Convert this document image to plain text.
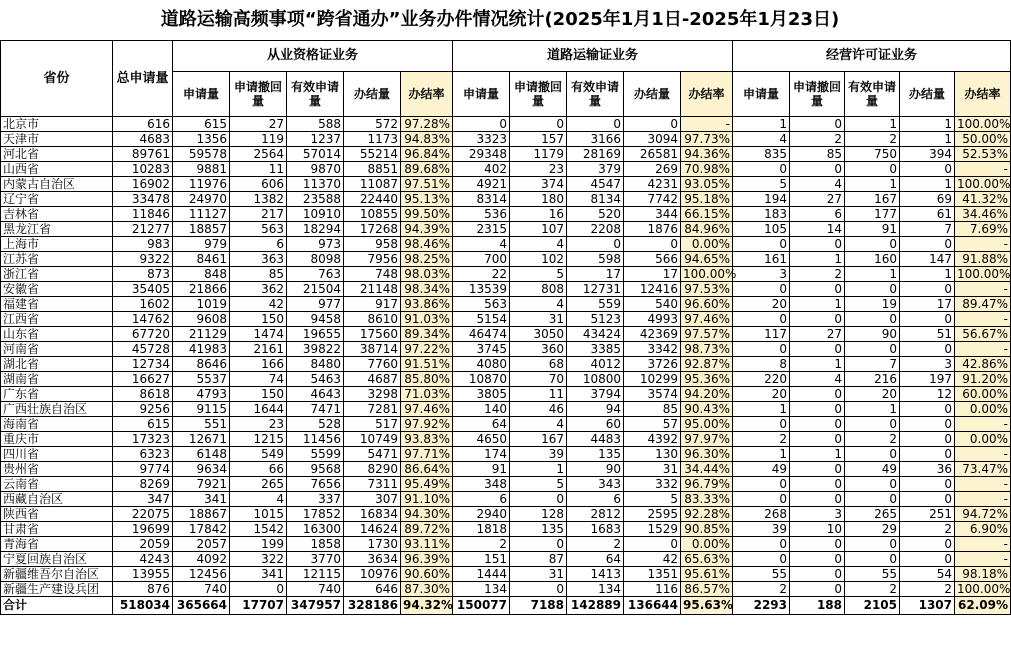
道路运输高频事项“跨省通办”业务办件情况统计(2025年1月1日-2025年1月23日)
省份	总申请量	从业资格证业务					道路运输证业务					经营许可证业务				
		申请量	申请撤回量	有效申请量	办结量	办结率	申请量	申请撤回量	有效申请量	办结量	办结率	申请量	申请撤回量	有效申请量	办结量	办结率
北京市	616	615	27	588	572	97.28%	0	0	0	0	-	1	0	1	1	100.00%
天津市	4683	1356	119	1237	1173	94.83%	3323	157	3166	3094	97.73%	4	2	2	1	50.00%
河北省	89761	59578	2564	57014	55214	96.84%	29348	1179	28169	26581	94.36%	835	85	750	394	52.53%
山西省	10283	9881	11	9870	8851	89.68%	402	23	379	269	70.98%	0	0	0	0	-
内蒙古自治区	16902	11976	606	11370	11087	97.51%	4921	374	4547	4231	93.05%	5	4	1	1	100.00%
辽宁省	33478	24970	1382	23588	22440	95.13%	8314	180	8134	7742	95.18%	194	27	167	69	41.32%
吉林省	11846	11127	217	10910	10855	99.50%	536	16	520	344	66.15%	183	6	177	61	34.46%
黑龙江省	21277	18857	563	18294	17268	94.39%	2315	107	2208	1876	84.96%	105	14	91	7	7.69%
上海市	983	979	6	973	958	98.46%	4	4	0	0	0.00%	0	0	0	0	-
江苏省	9322	8461	363	8098	7956	98.25%	700	102	598	566	94.65%	161	1	160	147	91.88%
浙江省	873	848	85	763	748	98.03%	22	5	17	17	100.00%	3	2	1	1	100.00%
安徽省	35405	21866	362	21504	21148	98.34%	13539	808	12731	12416	97.53%	0	0	0	0	-
福建省	1602	1019	42	977	917	93.86%	563	4	559	540	96.60%	20	1	19	17	89.47%
江西省	14762	9608	150	9458	8610	91.03%	5154	31	5123	4993	97.46%	0	0	0	0	-
山东省	67720	21129	1474	19655	17560	89.34%	46474	3050	43424	42369	97.57%	117	27	90	51	56.67%
河南省	45728	41983	2161	39822	38714	97.22%	3745	360	3385	3342	98.73%	0	0	0	0	-
湖北省	12734	8646	166	8480	7760	91.51%	4080	68	4012	3726	92.87%	8	1	7	3	42.86%
湖南省	16627	5537	74	5463	4687	85.80%	10870	70	10800	10299	95.36%	220	4	216	197	91.20%
广东省	8618	4793	150	4643	3298	71.03%	3805	11	3794	3574	94.20%	20	0	20	12	60.00%
广西壮族自治区	9256	9115	1644	7471	7281	97.46%	140	46	94	85	90.43%	1	0	1	0	0.00%
海南省	615	551	23	528	517	97.92%	64	4	60	57	95.00%	0	0	0	0	-
重庆市	17323	12671	1215	11456	10749	93.83%	4650	167	4483	4392	97.97%	2	0	2	0	0.00%
四川省	6323	6148	549	5599	5471	97.71%	174	39	135	130	96.30%	1	1	0	0	-
贵州省	9774	9634	66	9568	8290	86.64%	91	1	90	31	34.44%	49	0	49	36	73.47%
云南省	8269	7921	265	7656	7311	95.49%	348	5	343	332	96.79%	0	0	0	0	-
西藏自治区	347	341	4	337	307	91.10%	6	0	6	5	83.33%	0	0	0	0	-
陕西省	22075	18867	1015	17852	16834	94.30%	2940	128	2812	2595	92.28%	268	3	265	251	94.72%
甘肃省	19699	17842	1542	16300	14624	89.72%	1818	135	1683	1529	90.85%	39	10	29	2	6.90%
青海省	2059	2057	199	1858	1730	93.11%	2	0	2	0	0.00%	0	0	0	0	-
宁夏回族自治区	4243	4092	322	3770	3634	96.39%	151	87	64	42	65.63%	0	0	0	0	-
新疆维吾尔自治区	13955	12456	341	12115	10976	90.60%	1444	31	1413	1351	95.61%	55	0	55	54	98.18%
新疆生产建设兵团	876	740	0	740	646	87.30%	134	0	134	116	86.57%	2	0	2	2	100.00%
合计	518034	365664	17707	347957	328186	94.32%	150077	7188	142889	136644	95.63%	2293	188	2105	1307	62.09%
